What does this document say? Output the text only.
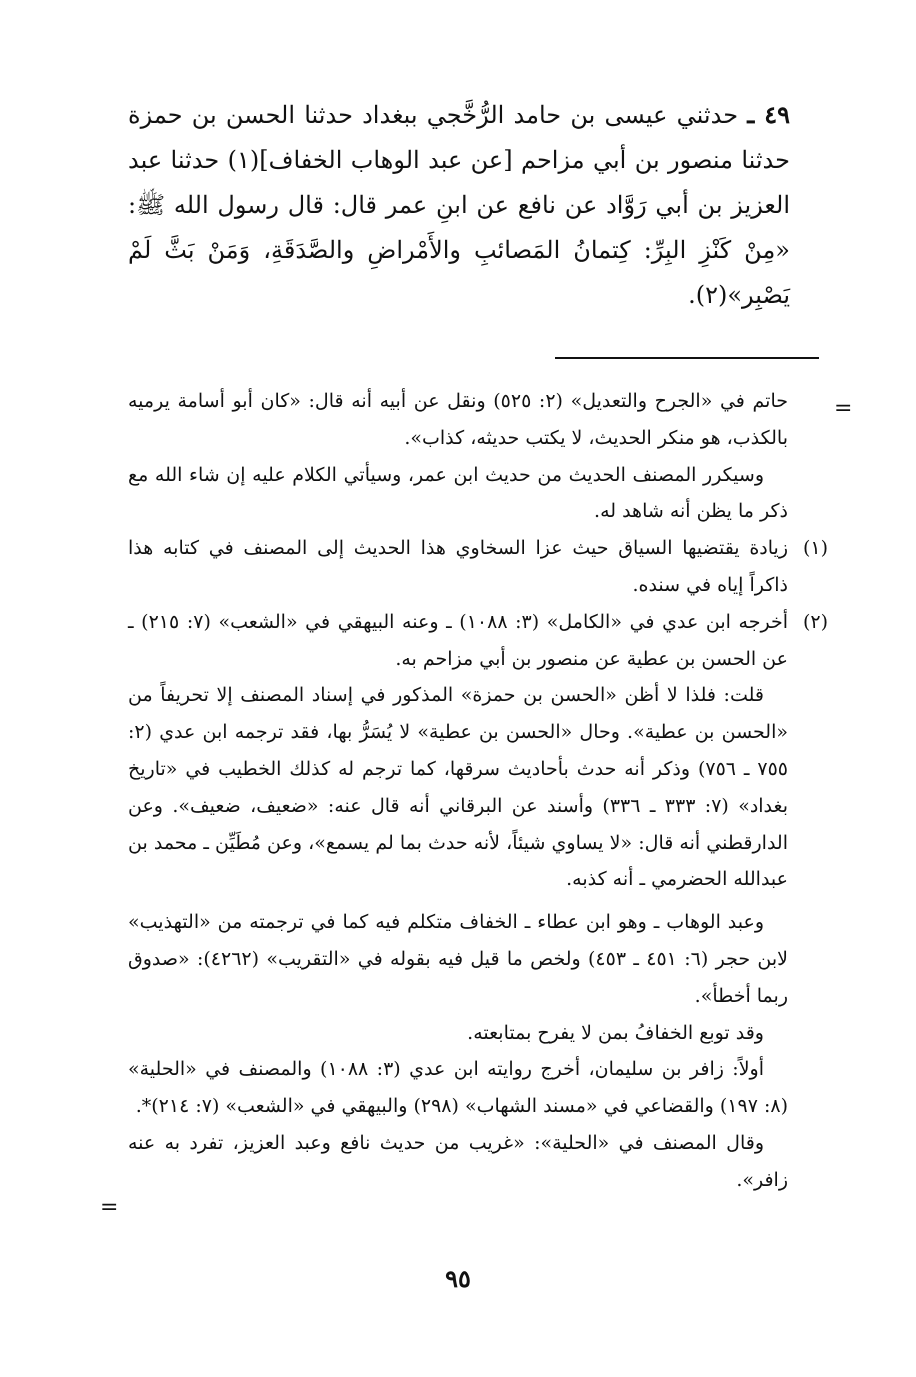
٤٩ ـ حدثني عيسى بن حامد الرُّخَّجي ببغداد حدثنا الحسن بن حمزة حدثنا منصور بن أبي مزاحم [عن عبد الوهاب الخفاف](١) حدثنا عبد العزيز بن أبي رَوَّاد عن نافع عن ابنِ عمر قال: قال رسول الله ﷺ: «مِنْ كَنْزِ البِرِّ: كِتمانُ المَصائبِ والأَمْراضِ والصَّدَقَةِ، وَمَنْ بَثَّ لَمْ يَصْبِر»(٢).

=

حاتم في «الجرح والتعديل» (٢: ٥٢٥) ونقل عن أبيه أنه قال: «كان أبو أسامة يرميه بالكذب، هو منكر الحديث، لا يكتب حديثه، كذاب».

وسيكرر المصنف الحديث من حديث ابن عمر، وسيأتي الكلام عليه إن شاء الله مع ذكر ما يظن أنه شاهد له.

(١)
زيادة يقتضيها السياق حيث عزا السخاوي هذا الحديث إلى المصنف في كتابه هذا ذاكراً إياه في سنده.
(٢)
أخرجه ابن عدي في «الكامل» (٣: ١٠٨٨) ـ وعنه البيهقي في «الشعب» (٧: ٢١٥) ـ عن الحسن بن عطية عن منصور بن أبي مزاحم به.

قلت: فلذا لا أظن «الحسن بن حمزة» المذكور في إسناد المصنف إلا تحريفاً من «الحسن بن عطية». وحال «الحسن بن عطية» لا يُسَرُّ بها، فقد ترجمه ابن عدي (٢: ٧٥٥ ـ ٧٥٦) وذكر أنه حدث بأحاديث سرقها، كما ترجم له كذلك الخطيب في «تاريخ بغداد» (٧: ٣٣٣ ـ ٣٣٦) وأسند عن البرقاني أنه قال عنه: «ضعيف، ضعيف». وعن الدارقطني أنه قال: «لا يساوي شيئاً، لأنه حدث بما لم يسمع»، وعن مُطَيِّن ـ محمد بن عبدالله الحضرمي ـ أنه كذبه.

وعبد الوهاب ـ وهو ابن عطاء ـ الخفاف متكلم فيه كما في ترجمته من «التهذيب» لابن حجر (٦: ٤٥١ ـ ٤٥٣) ولخص ما قيل فيه بقوله في «التقريب» (٤٢٦٢): «صدوق ربما أخطأ».

وقد توبع الخفافُ بمن لا يفرح بمتابعته.

أولاً: زافر بن سليمان، أخرج روايته ابن عدي (٣: ١٠٨٨) والمصنف في «الحلية» (٨: ١٩٧) والقضاعي في «مسند الشهاب» (٢٩٨) والبيهقي في «الشعب» (٧: ٢١٤)*.

وقال المصنف في «الحلية»: «غريب من حديث نافع وعبد العزيز، تفرد به عنه زافر».

=
٩٥
